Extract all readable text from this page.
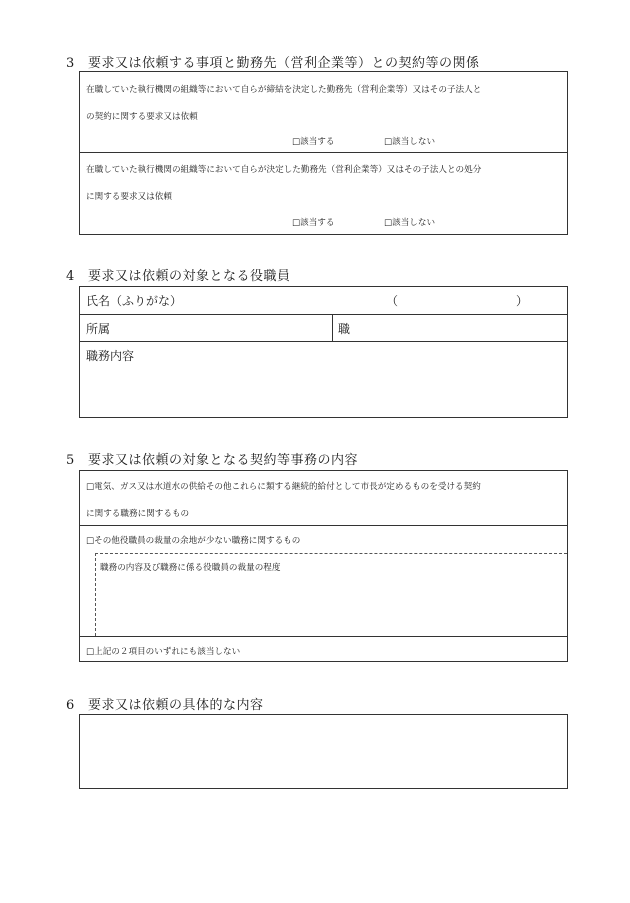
3 要求又は依頼する事項と勤務先（営利企業等）との契約等の関係
在職していた執行機関の組織等において自らが締結を決定した勤務先（営利企業等）又はその子法人と
の契約に関する要求又は依頼
□該当する	□該当しない
在職していた執行機関の組織等において自らが決定した勤務先（営利企業等）又はその子法人との処分
に関する要求又は依頼
□該当する	□該当しない
4 要求又は依頼の対象となる役職員
氏名（ふりがな）	（	）
所属	職
職務内容
5 要求又は依頼の対象となる契約等事務の内容
□電気、ガス又は水道水の供給その他これらに類する継続的給付として市長が定めるものを受ける契約
に関する職務に関するもの
□その他役職員の裁量の余地が少ない職務に関するもの
職務の内容及び職務に係る役職員の裁量の程度
□上記の２項目のいずれにも該当しない
6 要求又は依頼の具体的な内容
